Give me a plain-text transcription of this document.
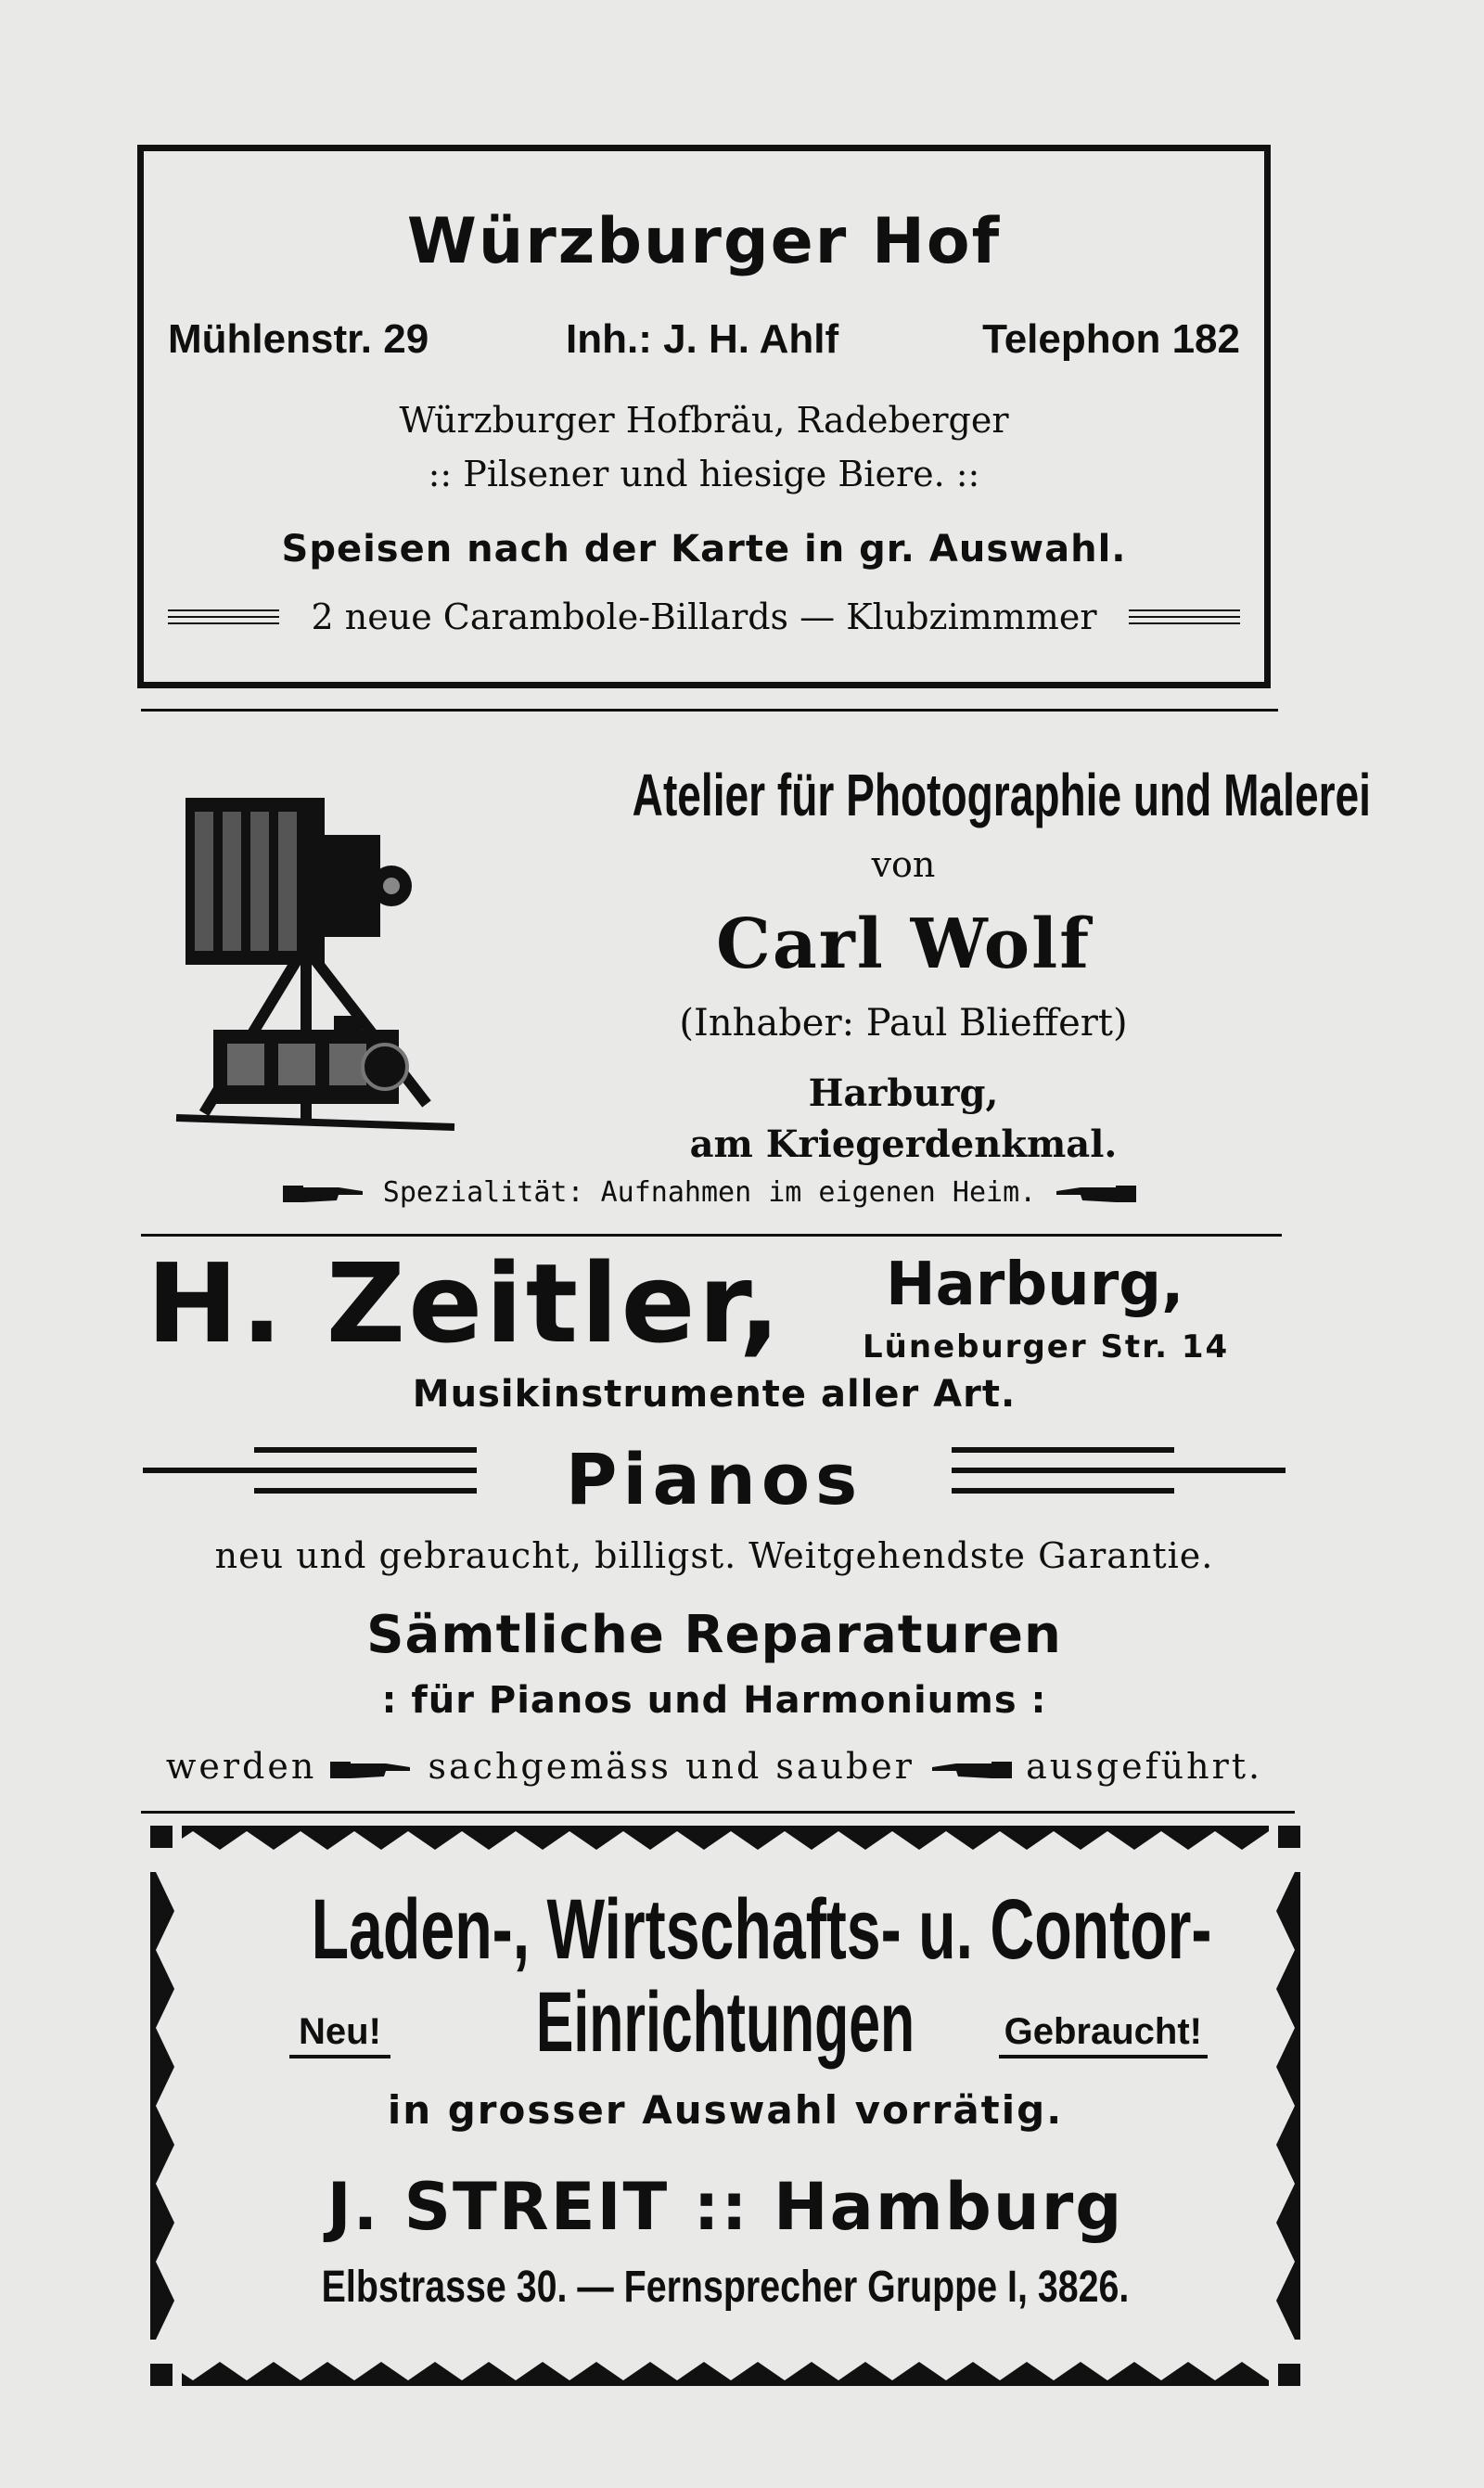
Würzburger Hof
Mühlenstr. 29	Inh.: J. H. Ahlf	Telephon 182
Würzburger Hofbräu, Radeberger
:: Pilsener und hiesige Biere. ::
Speisen nach der Karte in gr. Auswahl.
2 neue Carambole-Billards — Klubzimmmer
Atelier für Photographie und Malerei
von
Carl Wolf
(Inhaber: Paul Blieffert)
Harburg,
am Kriegerdenkmal.
Spezialität: Aufnahmen im eigenen Heim.
H. Zeitler, Harburg,
Lüneburger Str. 14
Musikinstrumente aller Art.
Pianos
neu und gebraucht, billigst. Weitgehendste Garantie.
Sämtliche Reparaturen
: für Pianos und Harmoniums :
werden	sachgemäss und sauber	ausgeführt.
Laden-, Wirtschafts- u. Contor-
Neu!	Einrichtungen	Gebraucht!
in grosser Auswahl vorrätig.
J. STREIT :: Hamburg
Elbstrasse 30. — Fernsprecher Gruppe I, 3826.
